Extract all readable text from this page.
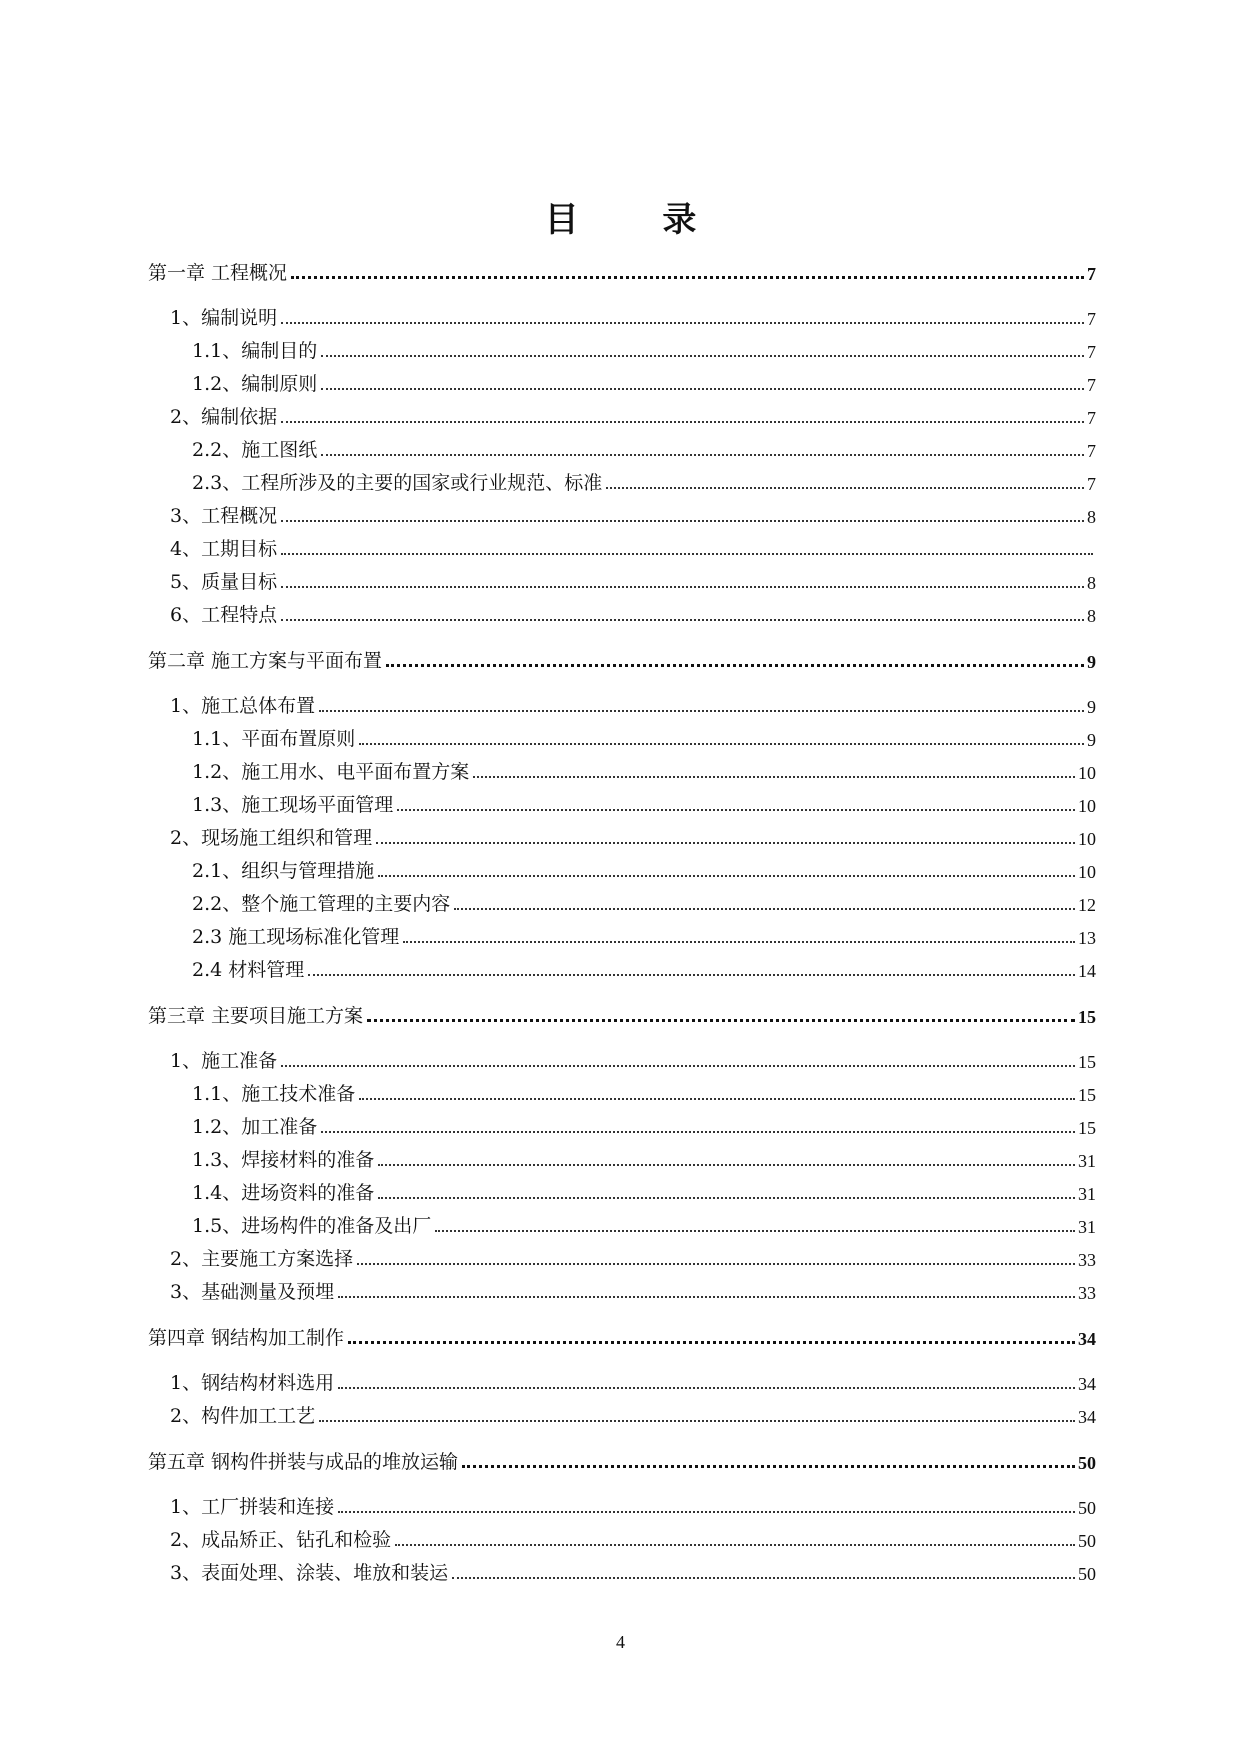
目 录
第一章 工程概况	7
1、编制说明	7
1.1、编制目的	7
1.2、编制原则	7
2、编制依据	7
2.2、施工图纸	7
2.3、工程所涉及的主要的国家或行业规范、标准	7
3、工程概况	8
4、工期目标
5、质量目标	8
6、工程特点	8
第二章 施工方案与平面布置	9
1、施工总体布置	9
1.1、平面布置原则	9
1.2、施工用水、电平面布置方案	10
1.3、施工现场平面管理	10
2、现场施工组织和管理	10
2.1、组织与管理措施	10
2.2、整个施工管理的主要内容	12
2.3 施工现场标准化管理	13
2.4 材料管理	14
第三章 主要项目施工方案	15
1、施工准备	15
1.1、施工技术准备	15
1.2、加工准备	15
1.3、焊接材料的准备	31
1.4、进场资料的准备	31
1.5、进场构件的准备及出厂	31
2、主要施工方案选择	33
3、基础测量及预埋	33
第四章 钢结构加工制作	34
1、钢结构材料选用	34
2、构件加工工艺	34
第五章 钢构件拼装与成品的堆放运输	50
1、工厂拼装和连接	50
2、成品矫正、钻孔和检验	50
3、表面处理、涂装、堆放和装运	50
4
